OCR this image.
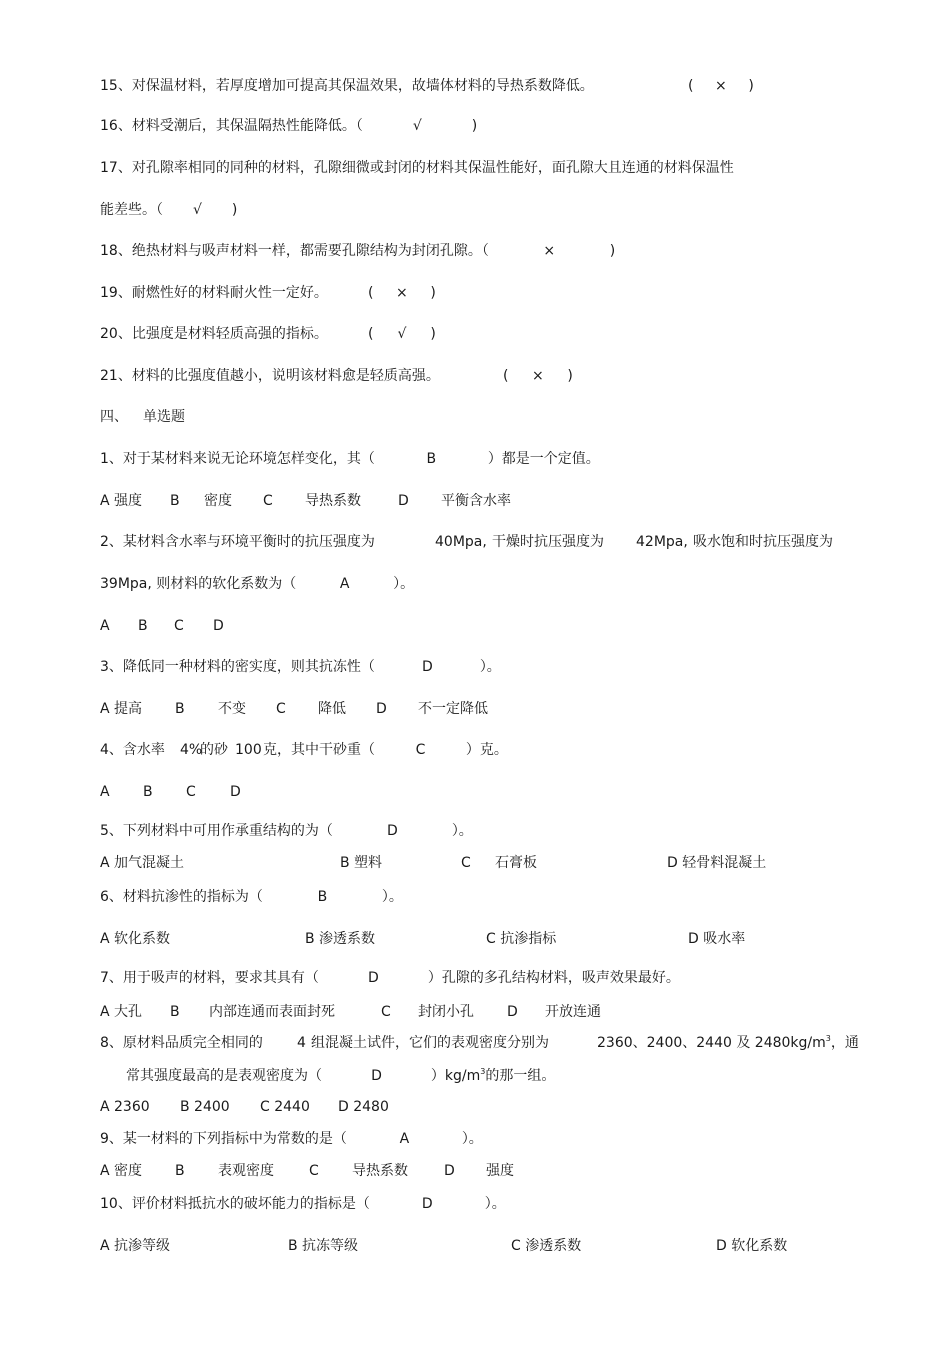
15、对保温材料，若厚度增加可提高其保温效果，故墙体材料的导热系数降低。	( × )
16、材料受潮后，其保温隔热性能降低。（	√	)
17、对孔隙率相同的同种的材料，孔隙细微或封闭的材料其保温性能好，面孔隙大且连通的材料保温性
能差些。（ √ )
18、绝热材料与吸声材料一样，都需要孔隙结构为封闭孔隙。（	×	)
19、耐燃性好的材料耐火性一定好。	( × )
20、比强度是材料轻质高强的指标。	( √ )
21、材料的比强度值越小，说明该材料愈是轻质高强。	( × )
四、 单选题
1、对于某材料来说无论环境怎样变化，其（	B	）都是一个定值。
A 强度 B 密度 C 导热系数	D 平衡含水率
2、某材料含水率与环境平衡时的抗压强度为	40Mpa, 干燥时抗压强度为 42Mpa, 吸水饱和时抗压强度为
39Mpa, 则材料的软化系数为（	A	）。
A B C D
3、降低同一种材料的密实度，则其抗冻性（	D	）。
A 提高 B 不变 C 降低 D 不一定降低
4、含水率 4%
的砂 100 克，其中干砂重（	C	）克。
A B C D
5、下列材料中可用作承重结构的为（	D	）。
A 加气混凝土	B 塑料	C 石膏板	D 轻骨料混凝土
6、材料抗渗性的指标为（	B	）。
A 软化系数	B 渗透系数	C 抗渗指标	D 吸水率
7、用于吸声的材料，要求其具有（	D	）孔隙的多孔结构材料，吸声效果最好。
A 大孔 B 内部连通而表面封死	C 封闭小孔 D 开放连通
8、原材料品质完全相同的 4 组混凝土试件，它们的表观密度分别为	2360、2400、2440 及 $2480kg/m^3$，通
常其强度最高的是表观密度为（	D	）$kg/m^3$的那一组。
A 2360 B 2400 C 2440 D 2480
9、某一材料的下列指标中为常数的是（	A	）。
A 密度 B 表观密度	C 导热系数	D 强度
10、评价材料抵抗水的破坏能力的指标是（	D	）。
A 抗渗等级	B 抗冻等级	C 渗透系数	D 软化系数
